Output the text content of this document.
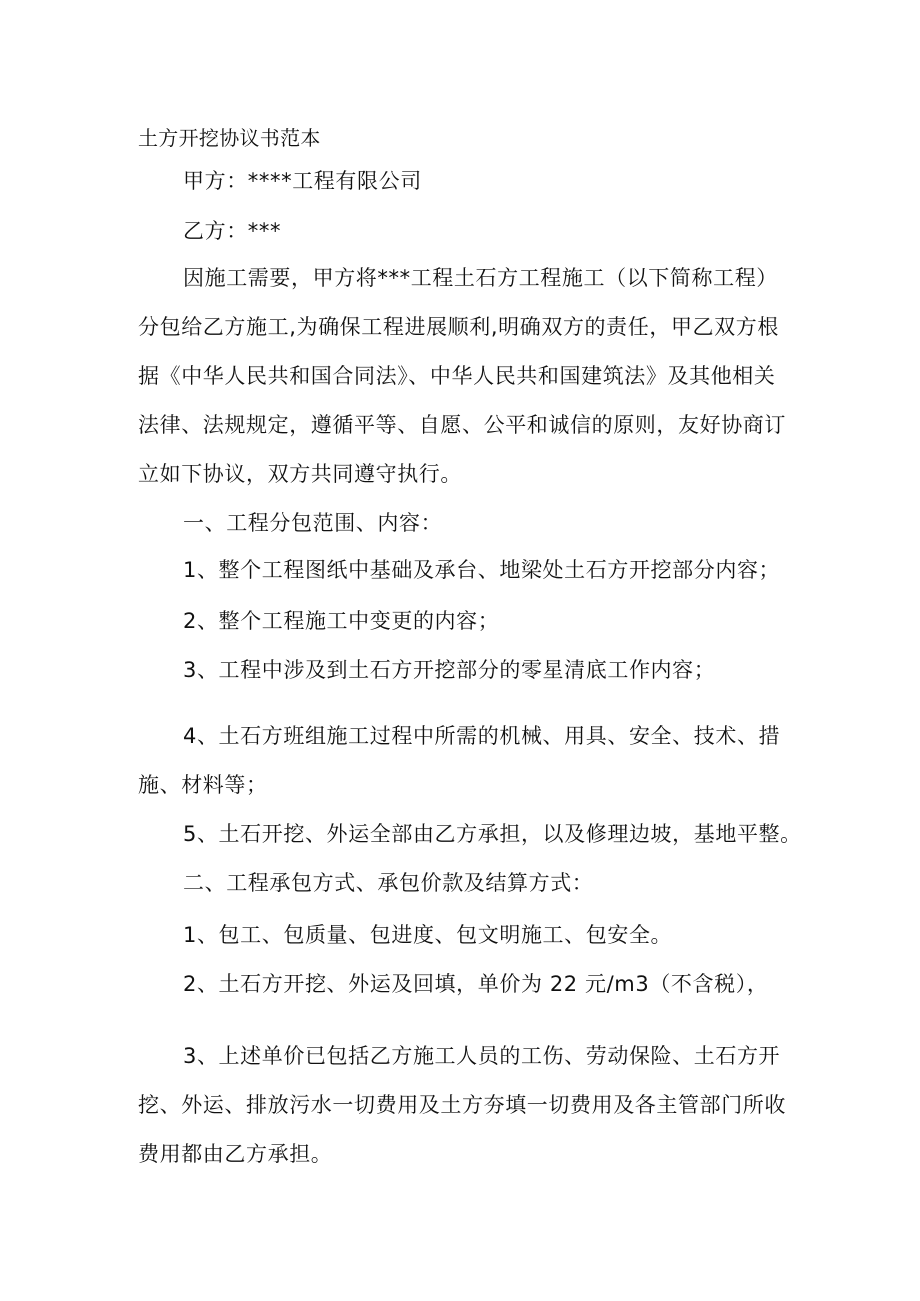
土方开挖协议书范本
甲方：****工程有限公司
乙方：***
因施工需要，甲方将***工程土石方工程施工（以下简称工程）
分包给乙方施工,为确保工程进展顺利,明确双方的责任，甲乙双方根
据《中华人民共和国合同法》、中华人民共和国建筑法》及其他相关
法律、法规规定，遵循平等、自愿、公平和诚信的原则，友好协商订
立如下协议，双方共同遵守执行。
一、工程分包范围、内容：
1、整个工程图纸中基础及承台、地梁处土石方开挖部分内容；
2、整个工程施工中变更的内容；
3、工程中涉及到土石方开挖部分的零星清底工作内容；
4、土石方班组施工过程中所需的机械、用具、安全、技术、措
施、材料等；
5、土石开挖、外运全部由乙方承担，以及修理边坡，基地平整。
二、工程承包方式、承包价款及结算方式：
1、包工、包质量、包进度、包文明施工、包安全。
2、土石方开挖、外运及回填，单价为 22 元/m3（不含税），
3、上述单价已包括乙方施工人员的工伤、劳动保险、土石方开
挖、外运、排放污水一切费用及土方夯填一切费用及各主管部门所收
费用都由乙方承担。
